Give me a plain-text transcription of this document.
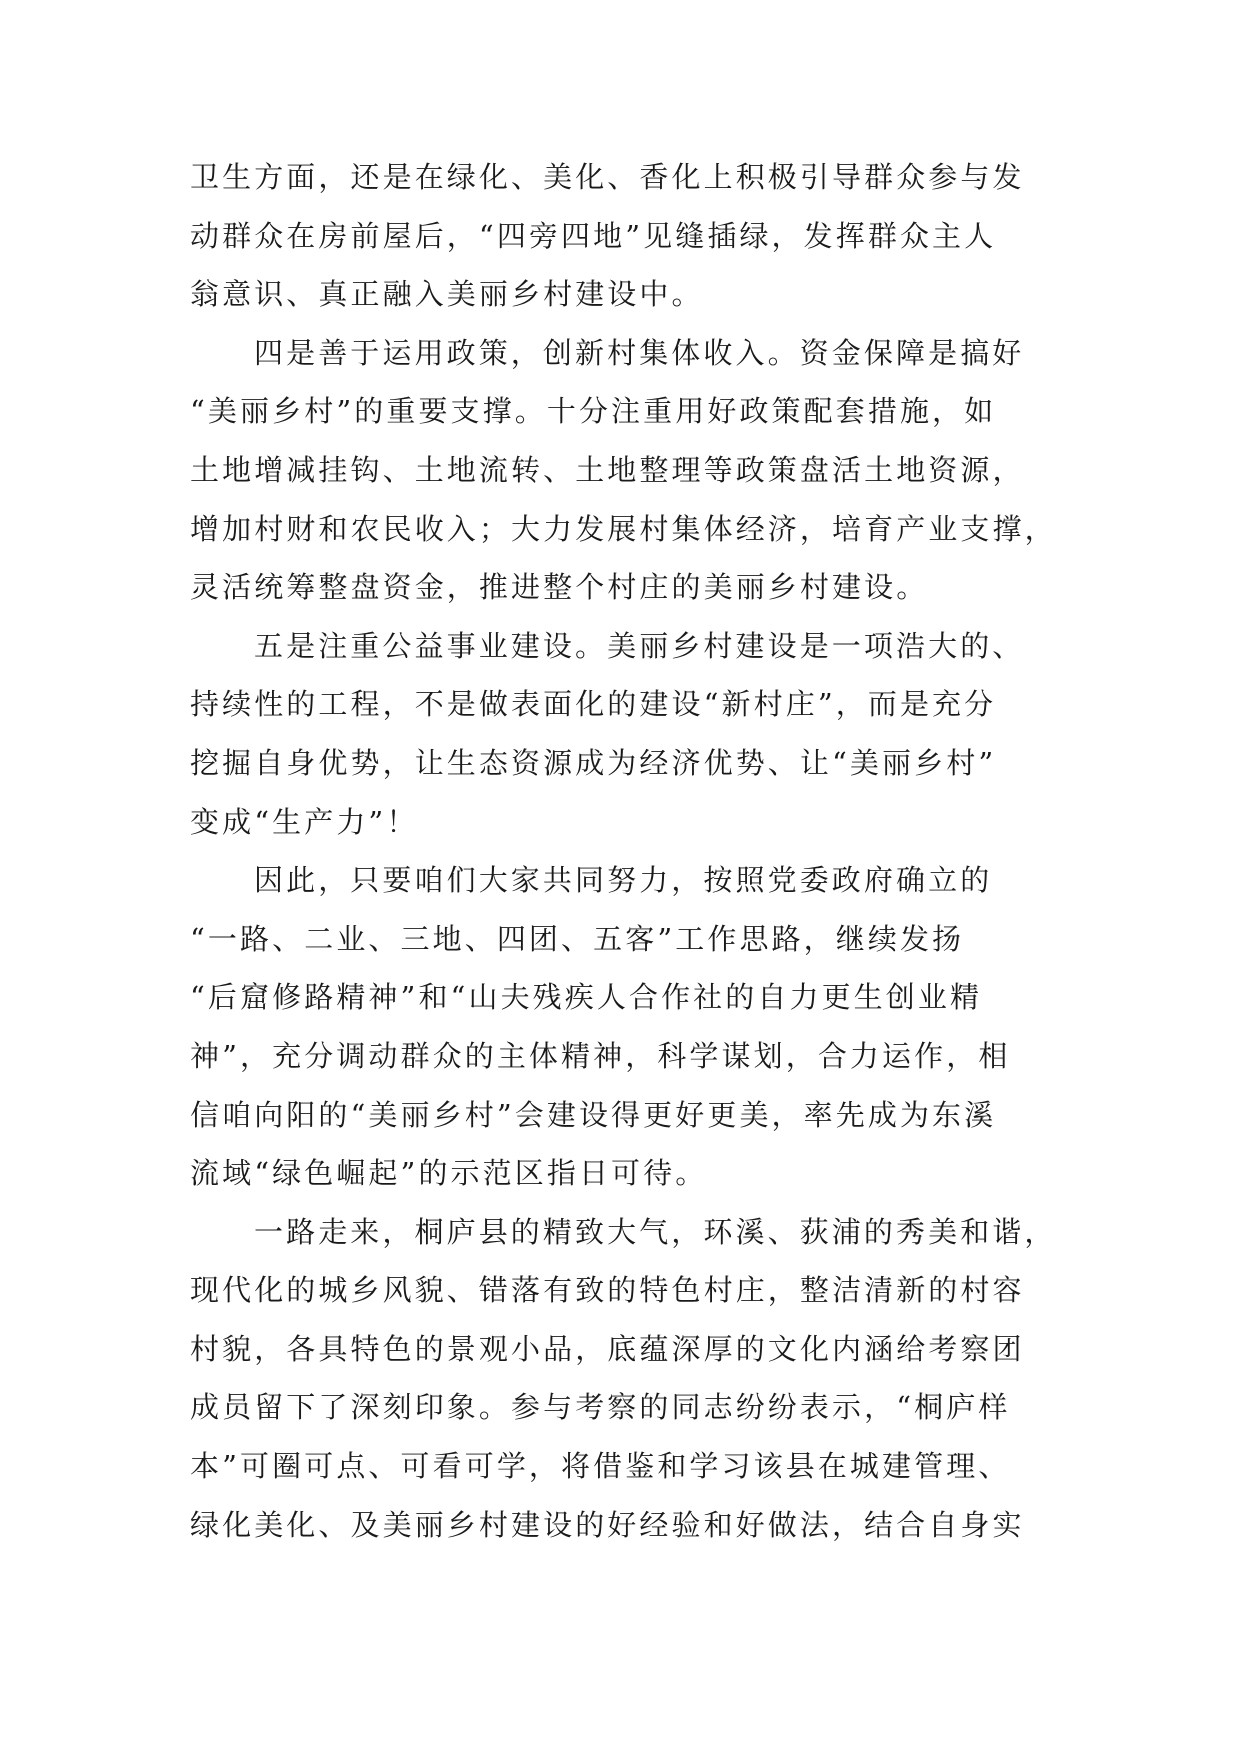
卫生方面，还是在绿化、美化、香化上积极引导群众参与发
动群众在房前屋后，“四旁四地”见缝插绿，发挥群众主人
翁意识、真正融入美丽乡村建设中。
四是善于运用政策，创新村集体收入。资金保障是搞好
“美丽乡村”的重要支撑。十分注重用好政策配套措施，如
土地增减挂钩、土地流转、土地整理等政策盘活土地资源，
增加村财和农民收入；大力发展村集体经济，培育产业支撑，
灵活统筹整盘资金，推进整个村庄的美丽乡村建设。
五是注重公益事业建设。美丽乡村建设是一项浩大的、
持续性的工程，不是做表面化的建设“新村庄”，而是充分
挖掘自身优势，让生态资源成为经济优势、让“美丽乡村”
变成“生产力”！
因此，只要咱们大家共同努力，按照党委政府确立的
“一路、二业、三地、四团、五客”工作思路，继续发扬
“后窟修路精神”和“山夫残疾人合作社的自力更生创业精
神”，充分调动群众的主体精神，科学谋划，合力运作，相
信咱向阳的“美丽乡村”会建设得更好更美，率先成为东溪
流域“绿色崛起”的示范区指日可待。
一路走来，桐庐县的精致大气，环溪、荻浦的秀美和谐，
现代化的城乡风貌、错落有致的特色村庄，整洁清新的村容
村貌，各具特色的景观小品，底蕴深厚的文化内涵给考察团
成员留下了深刻印象。参与考察的同志纷纷表示，“桐庐样
本”可圈可点、可看可学，将借鉴和学习该县在城建管理、
绿化美化、及美丽乡村建设的好经验和好做法，结合自身实
